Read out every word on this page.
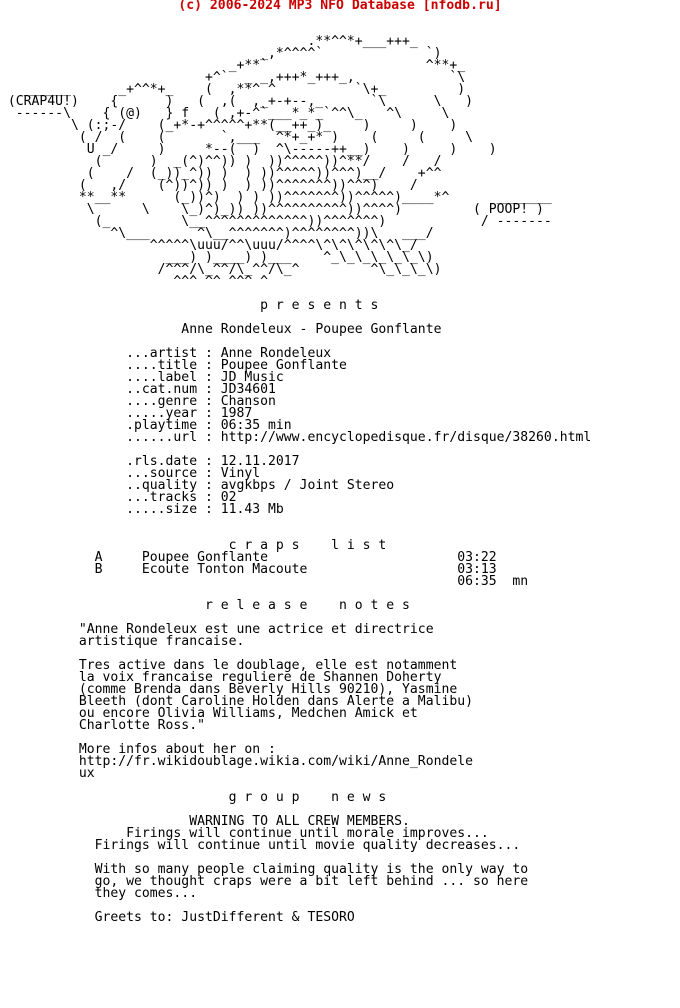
(c) 2006-2024 MP3 NFO Database [nfodb.ru]
.**^^*+___+++_
_,*^^^^`             `)
_+**`                    ^**+_
+^`  _ _,+++*_+++_,            `\
______      _+^^*+_    (  ,**^ ^          `\+_         )
(CRAP4U!)    {      )   (  ,(  ,_+-+--,_      `\      \   )
------\    { (@)   } f   ( ,+-^`___*_*_`^^\_   ^\     \
\ (:;-/    (_+*-+^^^^^+**(__++_)_    )     )    )
( /  (    (       `,___  ^*+_+* )    (     (     \
U _/     )     *--(  )  ^\-----++__)    )     )    )
(      )  _(^)^^)) )  ))^^^^^))^**/    /   /
(    /  (_))_^)) )  ) ))^^^^^))^^^)__/    +^^
(   ,/    (^))^)) )  ) ))^^^^^^^))^^^)    /
**__**      (_))^)  ) ) ))^^^^^^^))^^^^^)____*^      _______
\      \    \_)^)_)) ))^^^^^^^^^^))^^^^)         ( POOP! )
(_         \__^^^^^^^^^^^^^))^^^^^^^)            / -------
^\___      ^\__^^^^^^^)^^^^^^^^))\   ___/
^^^^^\uuu/^^\uuu/^^^^\^\^\^\^\^\_/
___) )____) )___    ^_\_\_\_\_\_\)
/^^^/\_^^/\_^^/\_^         ^\_\_\_\)
^^^ ^^ ^^^ ^
p r e s e n t s
Anne Rondeleux - Poupee Gonflante
...artist : Anne Rondeleux
....title : Poupee Gonflante
....label : JD Music
..cat.num : JD34601
....genre : Chanson
.....year : 1987
.playtime : 06:35 min
......url : http://www.encyclopedisque.fr/disque/38260.html
.rls.date : 12.11.2017
...source : Vinyl
..quality : avgkbps / Joint Stereo
...tracks : 02
.....size : 11.43 Mb
c r a p s    l i s t
A     Poupee Gonflante                        03:22
B     Ecoute Tonton Macoute                   03:13
06:35  mn
r e l e a s e    n o t e s
"Anne Rondeleux est une actrice et directrice
artistique francaise.
Tres active dans le doublage, elle est notamment
la voix francaise reguliere de Shannen Doherty
(comme Brenda dans Beverly Hills 90210), Yasmine
Bleeth (dont Caroline Holden dans Alerte a Malibu)
ou encore Olivia Williams, Medchen Amick et
Charlotte Ross."
More infos about her on :
http://fr.wikidoublage.wikia.com/wiki/Anne_Rondele
ux
g r o u p    n e w s
WARNING TO ALL CREW MEMBERS.
Firings will continue until morale improves...
Firings will continue until movie quality decreases...
With so many people claiming quality is the only way to
go, we thought craps were a bit left behind ... so here
they comes...
Greets to: JustDifferent & TESORO
